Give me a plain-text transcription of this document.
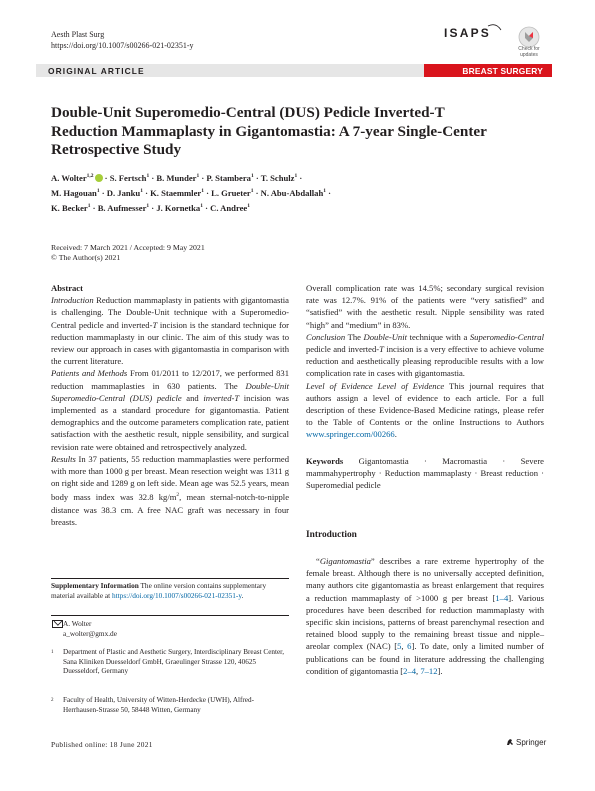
Aesth Plast Surg
https://doi.org/10.1007/s00266-021-02351-y
ISAPS
Check for updates
ORIGINAL ARTICLE	BREAST SURGERY
Double-Unit Superomedio-Central (DUS) Pedicle Inverted-T Reduction Mammaplasty in Gigantomastia: A 7-year Single-Center Retrospective Study
A. Wolter$^{1,2}$ · S. Fertsch$^1$ · B. Munder$^1$ · P. Stambera$^1$ · T. Schulz$^1$ ·
M. Hagouan$^1$ · D. Janku$^1$ · K. Staemmler$^1$ · L. Grueter$^1$ · N. Abu-Abdallah$^1$ ·
K. Becker$^1$ · B. Aufmesser$^1$ · J. Kornetka$^1$ · C. Andree$^1$
Received: 7 March 2021 / Accepted: 9 May 2021
© The Author(s) 2021

Abstract

Introduction Reduction mammaplasty in patients with gigantomastia is challenging. The Double-Unit technique with a Superomedio-Central pedicle and inverted-T incision is the standard technique for reduction mammaplasty in our clinic. The aim of this study was to review our approach in cases with gigantomastia in comparison with the current literature.

Patients and Methods From 01/2011 to 12/2017, we performed 831 reduction mammaplasties in 630 patients. The Double-Unit Superomedio-Central (DUS) pedicle and inverted-T incision was implemented as a standard procedure for gigantomastia. Patient demographics and the outcome parameters complication rate, patient satisfaction with the aesthetic result, nipple sensibility, and surgical revision rate were obtained and retrospectively analyzed.

Results In 37 patients, 55 reduction mammaplasties were performed with more than 1000 g per breast. Mean resection weight was 1311 g on right side and 1289 g on left side. Mean age was 52.5 years, mean body mass index was 32.8 $kg/m^2$, mean sternal-notch-to-nipple distance was 38.3 cm. A free NAC graft was necessary in four breasts.

Supplementary Information The online version contains supplementary material available at https://doi.org/10.1007/s00266-021-02351-y.
A. Wolter
a_wolter@gmx.de
$^1$ Department of Plastic and Aesthetic Surgery, Interdisciplinary Breast Center, Sana Kliniken Duesseldorf GmbH, Graeulinger Strasse 120, 40625 Duesseldorf, Germany
$^2$ Faculty of Health, University of Witten-Herdecke (UWH), Alfred-Herrhausen-Strasse 50, 58448 Witten, Germany

Overall complication rate was 14.5%; secondary surgical revision rate was 12.7%. 91% of the patients were “very satisfied” and “satisfied” with the aesthetic result. Nipple sensibility was rated “high” and “medium” in 83%.

Conclusion The Double-Unit technique with a Superomedio-Central pedicle and inverted-T incision is a very effective to achieve volume reduction and aesthetically pleasing reproducible results with a low complication rate in cases with gigantomastia.

Level of Evidence Level of Evidence This journal requires that authors assign a level of evidence to each article. For a full description of these Evidence-Based Medicine ratings, please refer to the Table of Contents or the online Instructions to Authors www.springer.com/00266.

Keywords Gigantomastia · Macromastia · Severe mammahypertrophy · Reduction mammaplasty · Breast reduction · Superomedial pedicle

Introduction

“Gigantomastia” describes a rare extreme hypertrophy of the female breast. Although there is no universally accepted definition, many authors cite gigantomastia as breast enlargement that requires a reduction mammaplasty of >1000 g per breast [1–4]. Various procedures have been described for reduction mammaplasty with specific skin incisions, patterns of breast parenchymal resection and retained blood supply to the remaining breast tissue and nipple–areolar complex (NAC) [5, 6]. To date, only a limited number of publications can be found in literature addressing the challenging condition of gigantomastia [2–4, 7–12].

Published online: 18 June 2021	Springer
